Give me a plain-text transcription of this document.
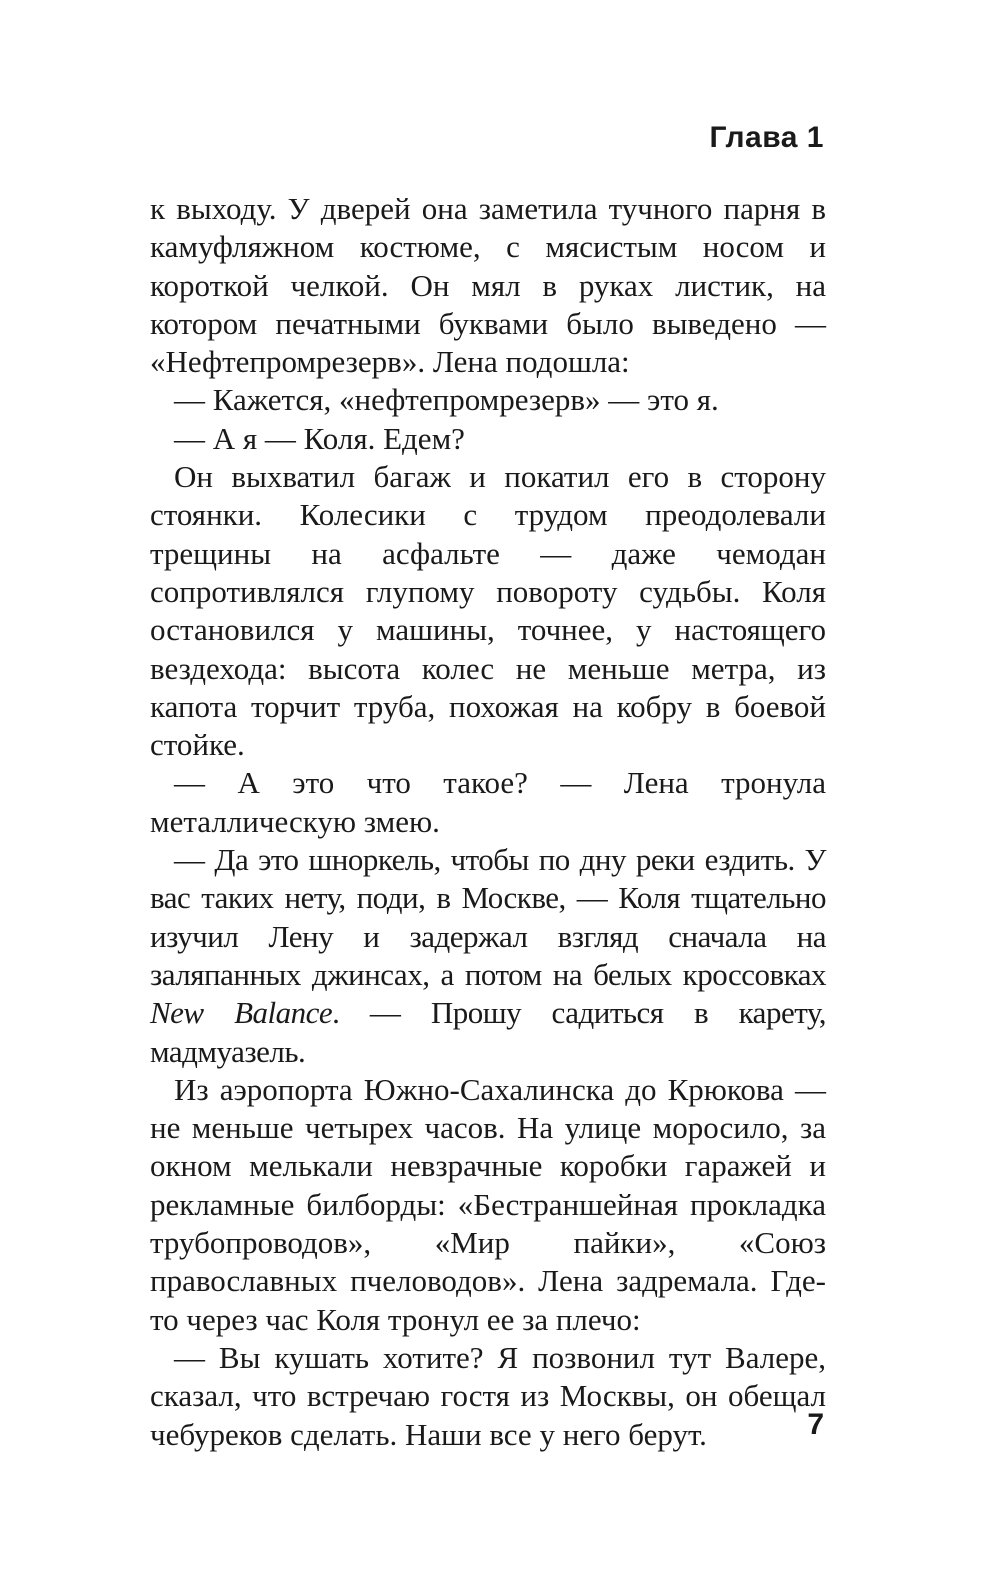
Глава 1

к выходу. У дверей она заметила тучного парня в камуфляжном костюме, с мясистым носом и короткой челкой. Он мял в руках листик, на котором печатными буквами было выведено — «Нефтепромрезерв». Лена подошла:

— Кажется, «нефтепромрезерв» — это я.

— А я — Коля. Едем?

Он выхватил багаж и покатил его в сторону стоянки. Колесики с трудом преодолевали трещины на асфальте — даже чемодан сопротивлялся глупому повороту судьбы. Коля остановился у машины, точнее, у настоящего вездехода: высота колес не меньше метра, из капота торчит труба, похожая на кобру в боевой стойке.

— А это что такое? — Лена тронула металлическую змею.

— Да это шноркель, чтобы по дну реки ездить. У вас таких нету, поди, в Москве, — Коля тщательно изучил Лену и задержал взгляд сначала на заляпанных джинсах, а потом на белых кроссовках New Balance. — Прошу садиться в карету, мадмуазель.

Из аэропорта Южно-Сахалинска до Крюкова — не меньше четырех часов. На улице моросило, за окном мелькали невзрачные коробки гаражей и рекламные билборды: «Бестраншейная прокладка трубопроводов», «Мир пайки», «Союз православных пчеловодов». Лена задремала. Где-то через час Коля тронул ее за плечо:

— Вы кушать хотите? Я позвонил тут Валере, сказал, что встречаю гостя из Москвы, он обещал чебуреков сделать. Наши все у него берут.	7
